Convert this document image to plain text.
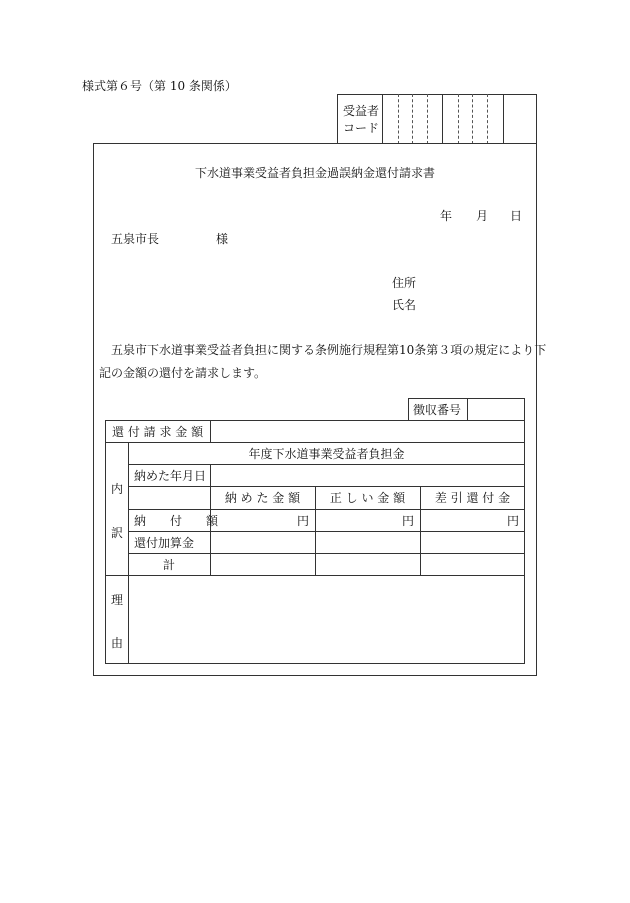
様式第６号（第 10 条関係）
受益者
コード
下水道事業受益者負担金過誤納金還付請求書
年 月 日
五泉市長	様
住所
氏名
五泉市下水道事業受益者負担に関する条例施行規程第10条第３項の規定により下
記の金額の還付を請求します。
徴収番号
還 付 請 求 金 額
内
訳
年度下水道事業受益者負担金
納めた年月日
納 め た 金 額	正 し い 金 額	差 引 還 付 金
納　　付　　額	円	円	円
還付加算金
計
理
由
